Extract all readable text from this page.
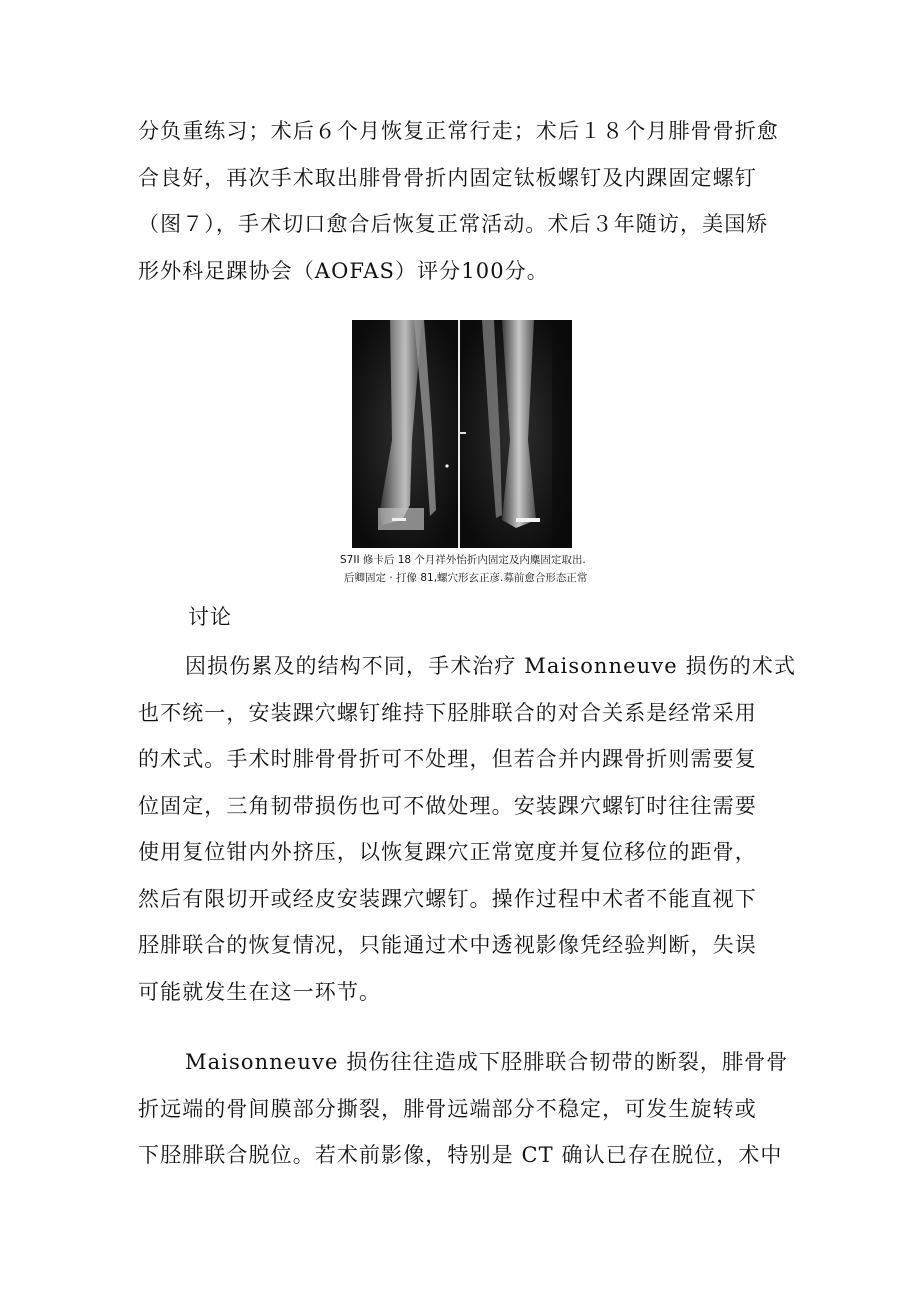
分负重练习；术后６个月恢复正常行走；术后１８个月腓骨骨折愈
合良好，再次手术取出腓骨骨折内固定钛板螺钉及内踝固定螺钉
（图７），手术切口愈合后恢复正常活动。术后３年随访，美国矫
形外科足踝协会（AOFAS）评分100分。
S7II 修卡后 18 个月祥外怡折内固定及内麋固定取出.
后卿固定 · 打像 81,螺穴形玄正彦.募前愈合形态正常
讨论
因损伤累及的结构不同，手术治疗 Maisonneuve 损伤的术式
也不统一，安装踝穴螺钉维持下胫腓联合的对合关系是经常采用
的术式。手术时腓骨骨折可不处理，但若合并内踝骨折则需要复
位固定，三角韧带损伤也可不做处理。安装踝穴螺钉时往往需要
使用复位钳内外挤压，以恢复踝穴正常宽度并复位移位的距骨，
然后有限切开或经皮安装踝穴螺钉。操作过程中术者不能直视下
胫腓联合的恢复情况，只能通过术中透视影像凭经验判断，失误
可能就发生在这一环节。
Maisonneuve 损伤往往造成下胫腓联合韧带的断裂，腓骨骨
折远端的骨间膜部分撕裂，腓骨远端部分不稳定，可发生旋转或
下胫腓联合脱位。若术前影像，特别是 CT 确认已存在脱位，术中
